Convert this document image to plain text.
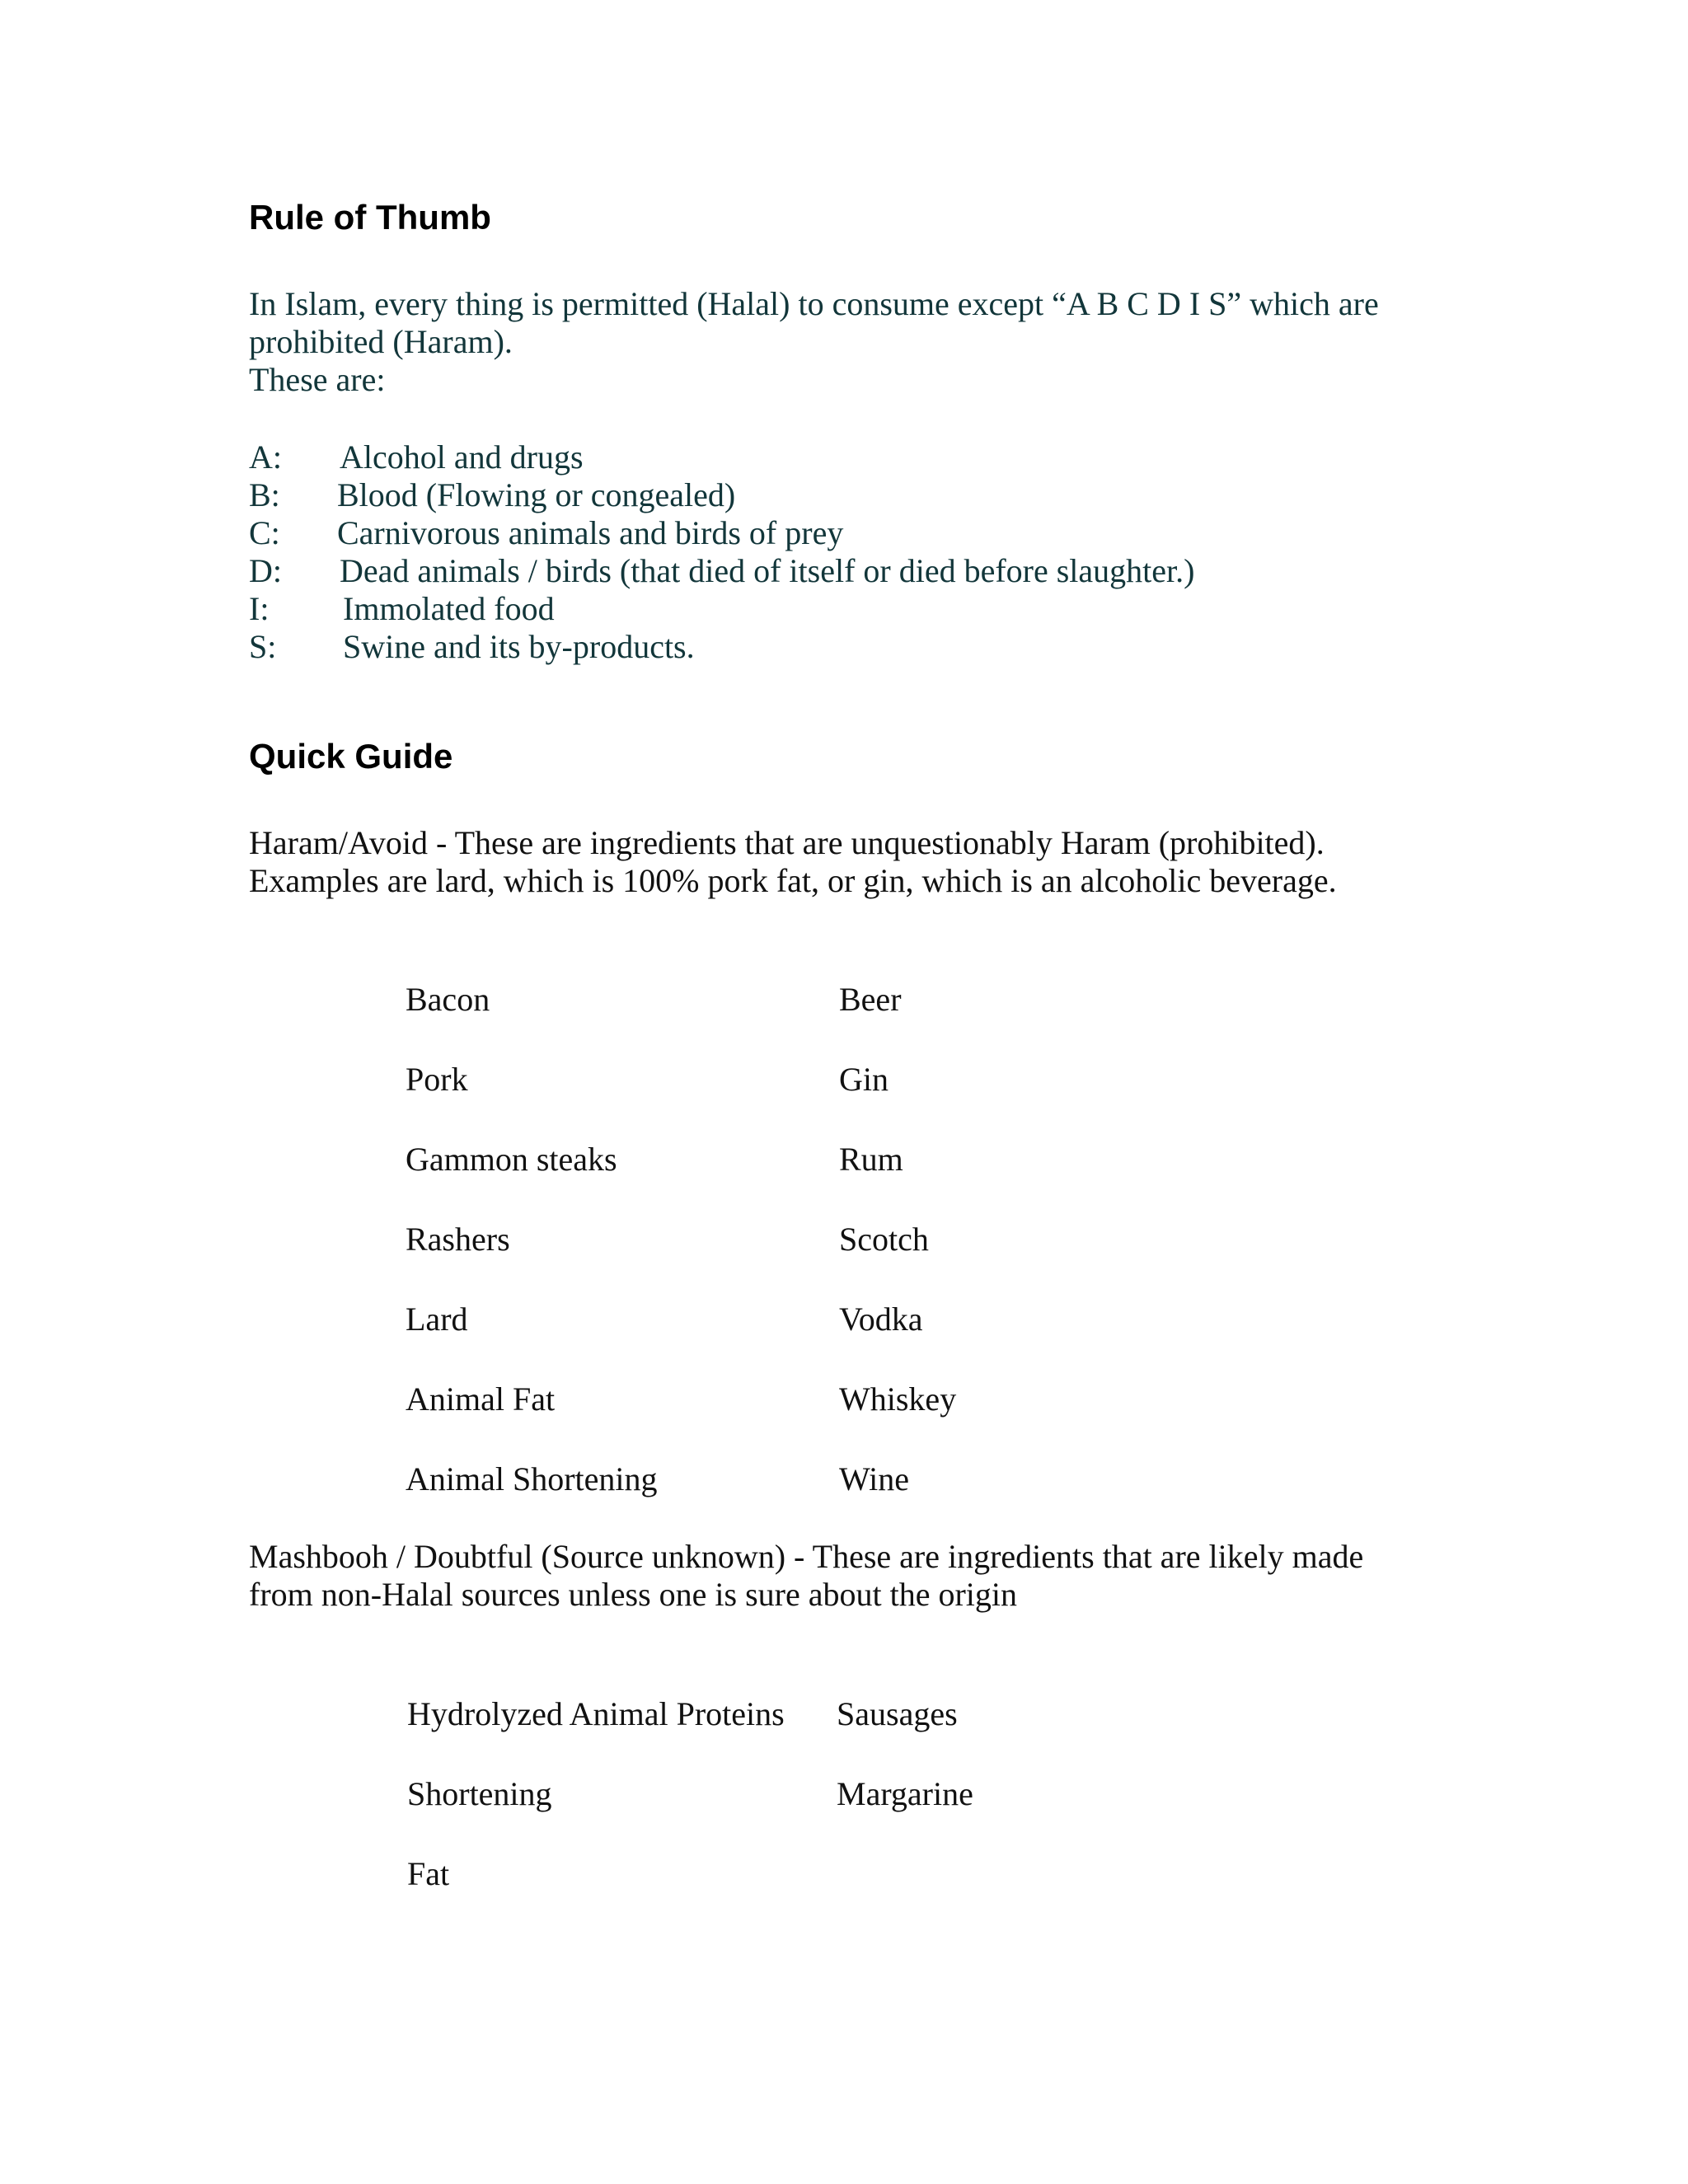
Rule of Thumb
In Islam, every thing is permitted (Halal) to consume except “A B C D I S” which are
prohibited (Haram).
These are:
A: Alcohol and drugs
B: Blood (Flowing or congealed)
C: Carnivorous animals and birds of prey
D: Dead animals / birds (that died of itself or died before slaughter.)
I: Immolated food
S: Swine and its by-products.
Quick Guide
Haram/Avoid - These are ingredients that are unquestionably Haram (prohibited).
Examples are lard, which is 100% pork fat, or gin, which is an alcoholic beverage.
Bacon
Pork
Gammon steaks
Rashers
Lard
Animal Fat
Animal Shortening
Beer
Gin
Rum
Scotch
Vodka
Whiskey
Wine
Mashbooh / Doubtful (Source unknown) - These are ingredients that are likely made
from non-Halal sources unless one is sure about the origin
Hydrolyzed Animal Proteins
Shortening
Fat
Sausages
Margarine
